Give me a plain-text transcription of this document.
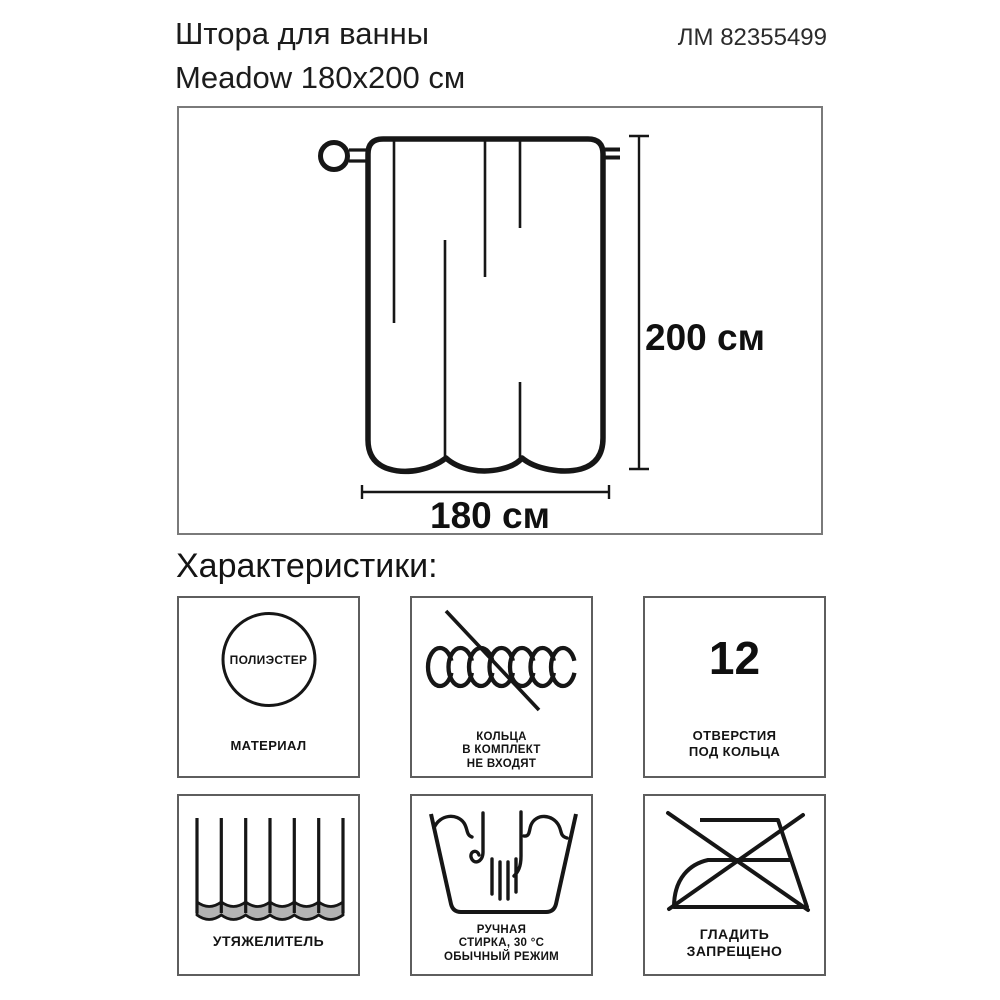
Штора для ванны
Meadow 180x200 см
ЛМ 82355499
200 см
180 см
Характеристики:
ПОЛИЭСТЕР
МАТЕРИАЛ
КОЛЬЦА
В КОМПЛЕКТ
НЕ ВХОДЯТ
12
ОТВЕРСТИЯ
ПОД КОЛЬЦА
УТЯЖЕЛИТЕЛЬ
РУЧНАЯ
СТИРКА, 30 °C
ОБЫЧНЫЙ РЕЖИМ
ГЛАДИТЬ
ЗАПРЕЩЕНО
